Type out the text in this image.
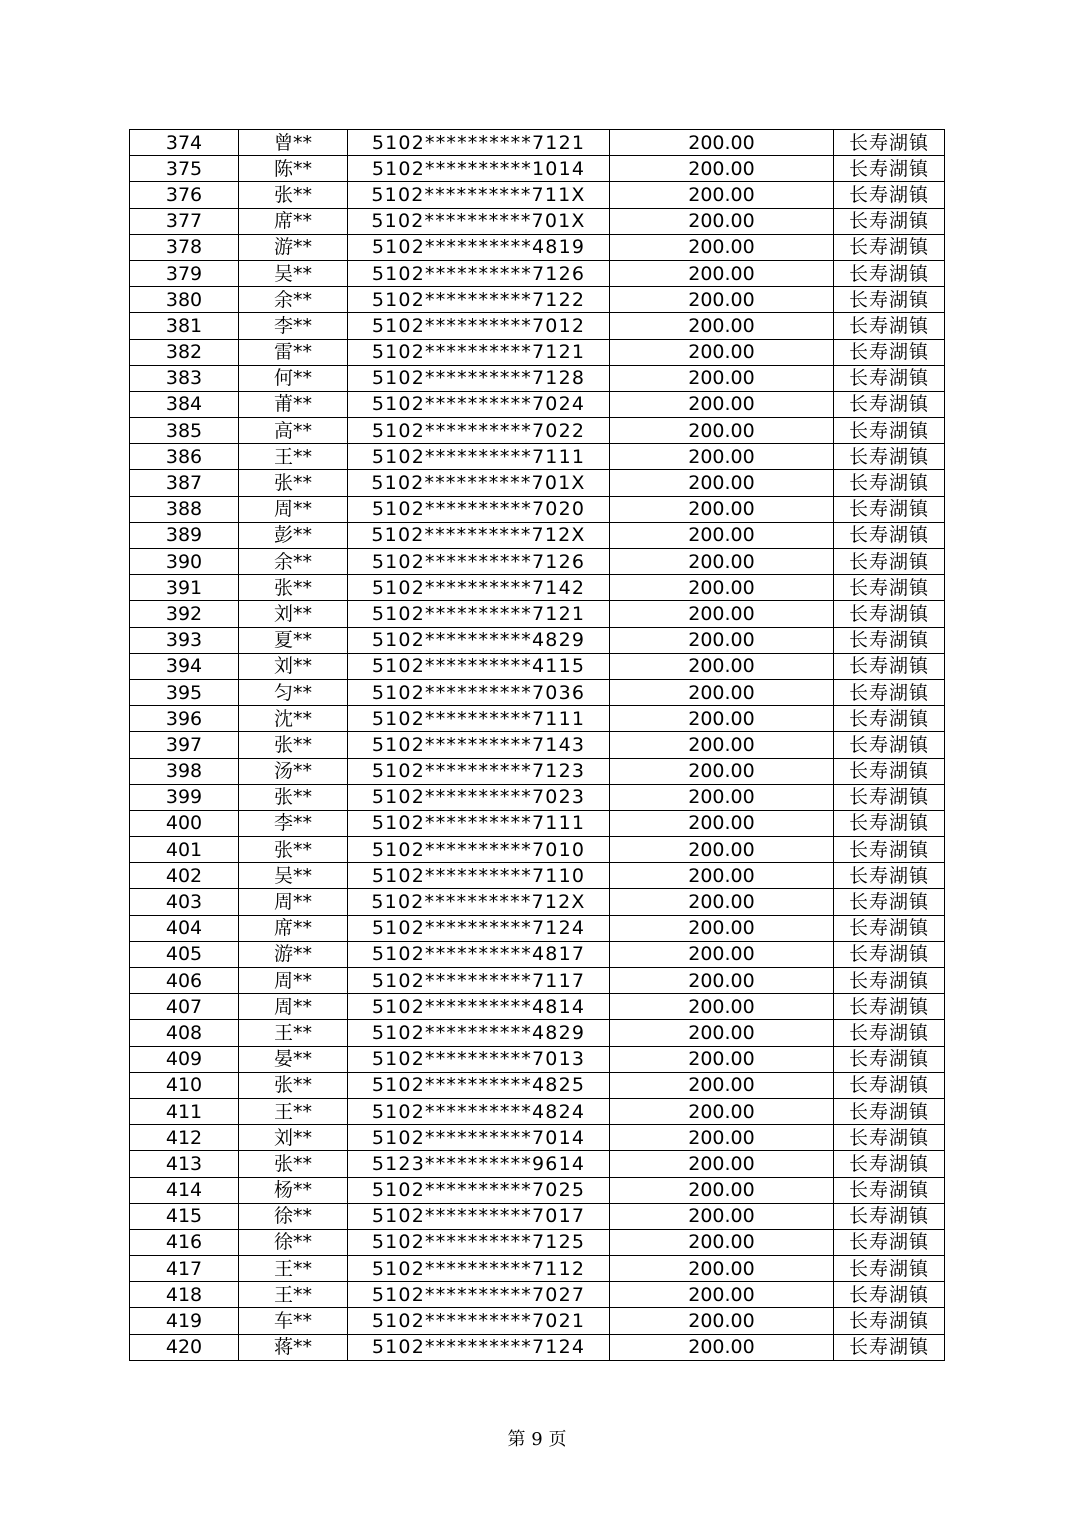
374	曾**	5102**********7121	200.00	长寿湖镇
375	陈**	5102**********1014	200.00	长寿湖镇
376	张**	5102**********711X	200.00	长寿湖镇
377	席**	5102**********701X	200.00	长寿湖镇
378	游**	5102**********4819	200.00	长寿湖镇
379	吴**	5102**********7126	200.00	长寿湖镇
380	余**	5102**********7122	200.00	长寿湖镇
381	李**	5102**********7012	200.00	长寿湖镇
382	雷**	5102**********7121	200.00	长寿湖镇
383	何**	5102**********7128	200.00	长寿湖镇
384	莆**	5102**********7024	200.00	长寿湖镇
385	高**	5102**********7022	200.00	长寿湖镇
386	王**	5102**********7111	200.00	长寿湖镇
387	张**	5102**********701X	200.00	长寿湖镇
388	周**	5102**********7020	200.00	长寿湖镇
389	彭**	5102**********712X	200.00	长寿湖镇
390	余**	5102**********7126	200.00	长寿湖镇
391	张**	5102**********7142	200.00	长寿湖镇
392	刘**	5102**********7121	200.00	长寿湖镇
393	夏**	5102**********4829	200.00	长寿湖镇
394	刘**	5102**********4115	200.00	长寿湖镇
395	匀**	5102**********7036	200.00	长寿湖镇
396	沈**	5102**********7111	200.00	长寿湖镇
397	张**	5102**********7143	200.00	长寿湖镇
398	汤**	5102**********7123	200.00	长寿湖镇
399	张**	5102**********7023	200.00	长寿湖镇
400	李**	5102**********7111	200.00	长寿湖镇
401	张**	5102**********7010	200.00	长寿湖镇
402	吴**	5102**********7110	200.00	长寿湖镇
403	周**	5102**********712X	200.00	长寿湖镇
404	席**	5102**********7124	200.00	长寿湖镇
405	游**	5102**********4817	200.00	长寿湖镇
406	周**	5102**********7117	200.00	长寿湖镇
407	周**	5102**********4814	200.00	长寿湖镇
408	王**	5102**********4829	200.00	长寿湖镇
409	晏**	5102**********7013	200.00	长寿湖镇
410	张**	5102**********4825	200.00	长寿湖镇
411	王**	5102**********4824	200.00	长寿湖镇
412	刘**	5102**********7014	200.00	长寿湖镇
413	张**	5123**********9614	200.00	长寿湖镇
414	杨**	5102**********7025	200.00	长寿湖镇
415	徐**	5102**********7017	200.00	长寿湖镇
416	徐**	5102**********7125	200.00	长寿湖镇
417	王**	5102**********7112	200.00	长寿湖镇
418	王**	5102**********7027	200.00	长寿湖镇
419	车**	5102**********7021	200.00	长寿湖镇
420	蒋**	5102**********7124	200.00	长寿湖镇
第 9 页
